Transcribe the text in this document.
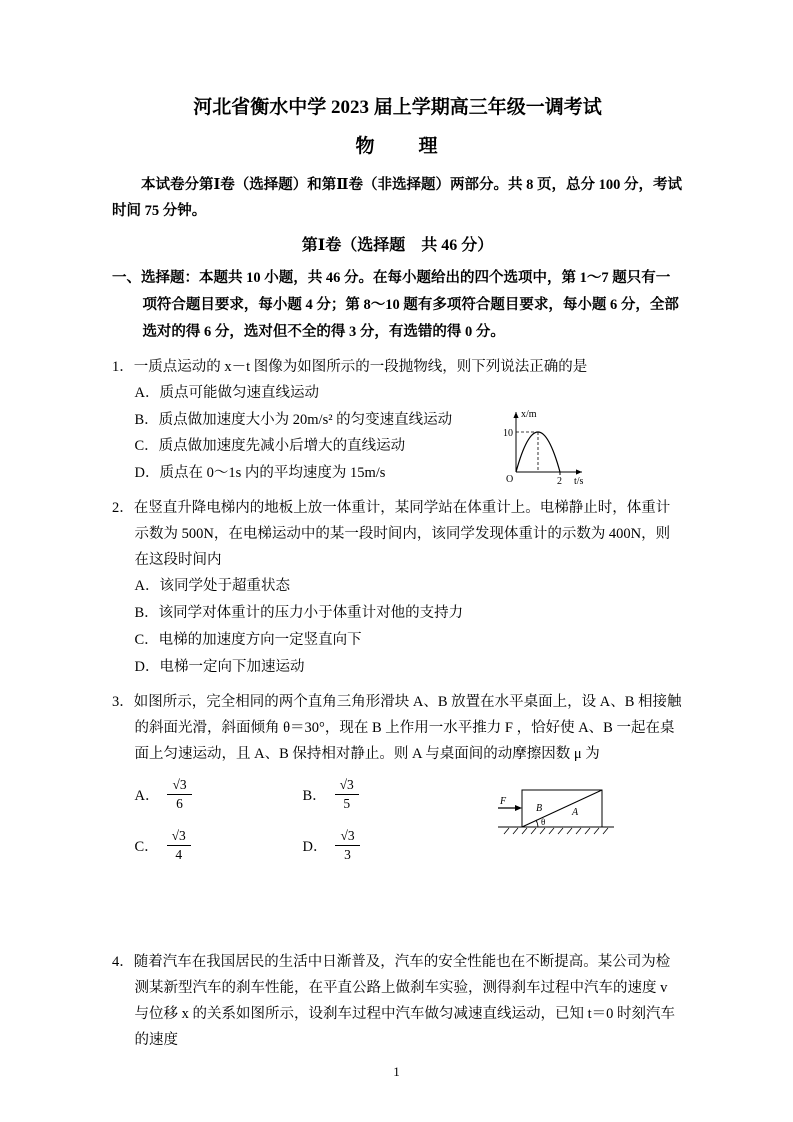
河北省衡水中学 2023 届上学期高三年级一调考试
物　　理

本试卷分第Ⅰ卷（选择题）和第Ⅱ卷（非选择题）两部分。共 8 页，总分 100 分，考试时间 75 分钟。

第Ⅰ卷（选择题　共 46 分）

一、选择题：本题共 10 小题，共 46 分。在每小题给出的四个选项中，第 1～7 题只有一项符合题目要求，每小题 4 分；第 8～10 题有多项符合题目要求，每小题 6 分，全部选对的得 6 分，选对但不全的得 3 分，有选错的得 0 分。

1．一质点运动的 x－t 图像为如图所示的一段抛物线，则下列说法正确的是

A．质点可能做匀速直线运动

B．质点做加速度大小为 20m/s² 的匀变速直线运动

C．质点做加速度先减小后增大的直线运动

D．质点在 0～1s 内的平均速度为 15m/s

x/m
t/s
10
2
O

2．在竖直升降电梯内的地板上放一体重计，某同学站在体重计上。电梯静止时，体重计示数为 500N，在电梯运动中的某一段时间内，该同学发现体重计的示数为 400N，则在这段时间内

A．该同学处于超重状态

B．该同学对体重计的压力小于体重计对他的支持力

C．电梯的加速度方向一定竖直向下

D．电梯一定向下加速运动

3．如图所示，完全相同的两个直角三角形滑块 A、B 放置在水平桌面上，设 A、B 相接触的斜面光滑，斜面倾角 θ＝30°，现在 B 上作用一水平推力 F ，恰好使 A、B 一起在桌面上匀速运动，且 A、B 保持相对静止。则 A 与桌面间的动摩擦因数 μ 为

A． $\frac{√3}{6}$	B． $\frac{√3}{5}$
C． $\frac{√3}{4}$	D． $\frac{√3}{3}$
F
B	A
θ

4．随着汽车在我国居民的生活中日渐普及，汽车的安全性能也在不断提高。某公司为检测某新型汽车的刹车性能，在平直公路上做刹车实验，测得刹车过程中汽车的速度 v 与位移 x 的关系如图所示，设刹车过程中汽车做匀减速直线运动，已知 t＝0 时刻汽车的速度

1
